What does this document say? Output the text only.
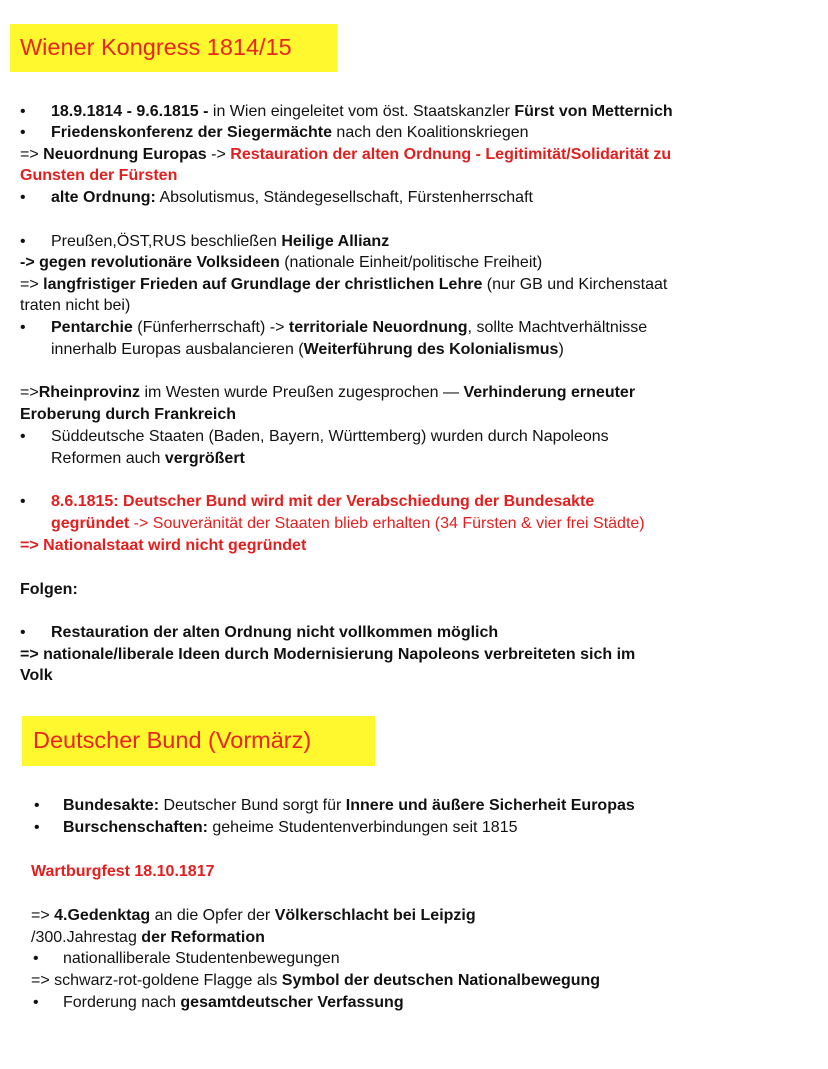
Wiener Kongress 1814/15
• 18.9.1814 - 9.6.1815 - in Wien eingeleitet vom öst. Staatskanzler Fürst von Metternich
• Friedenskonferenz der Siegermächte nach den Koalitionskriegen
=> Neuordnung Europas -> Restauration der alten Ordnung - Legitimität/Solidarität zu
Gunsten der Fürsten
• alte Ordnung: Absolutismus, Ständegesellschaft, Fürstenherrschaft
• Preußen,ÖST,RUS beschließen Heilige Allianz
-> gegen revolutionäre Volksideen (nationale Einheit/politische Freiheit)
=> langfristiger Frieden auf Grundlage der christlichen Lehre (nur GB und Kirchenstaat
traten nicht bei)
• Pentarchie (Fünferherrschaft) -> territoriale Neuordnung, sollte Machtverhältnisse
innerhalb Europas ausbalancieren (Weiterführung des Kolonialismus)
=>Rheinprovinz im Westen wurde Preußen zugesprochen — Verhinderung erneuter
Eroberung durch Frankreich
• Süddeutsche Staaten (Baden, Bayern, Württemberg) wurden durch Napoleons
Reformen auch vergrößert
• 8.6.1815: Deutscher Bund wird mit der Verabschiedung der Bundesakte
gegründet -> Souveränität der Staaten blieb erhalten (34 Fürsten & vier frei Städte)
=> Nationalstaat wird nicht gegründet
Folgen:
• Restauration der alten Ordnung nicht vollkommen möglich
=> nationale/liberale Ideen durch Modernisierung Napoleons verbreiteten sich im
Volk
Deutscher Bund (Vormärz)
• Bundesakte: Deutscher Bund sorgt für Innere und äußere Sicherheit Europas
• Burschenschaften: geheime Studentenverbindungen seit 1815
Wartburgfest 18.10.1817
=> 4.Gedenktag an die Opfer der Völkerschlacht bei Leipzig
/300.Jahrestag der Reformation
• nationalliberale Studentenbewegungen
=> schwarz-rot-goldene Flagge als Symbol der deutschen Nationalbewegung
• Forderung nach gesamtdeutscher Verfassung
